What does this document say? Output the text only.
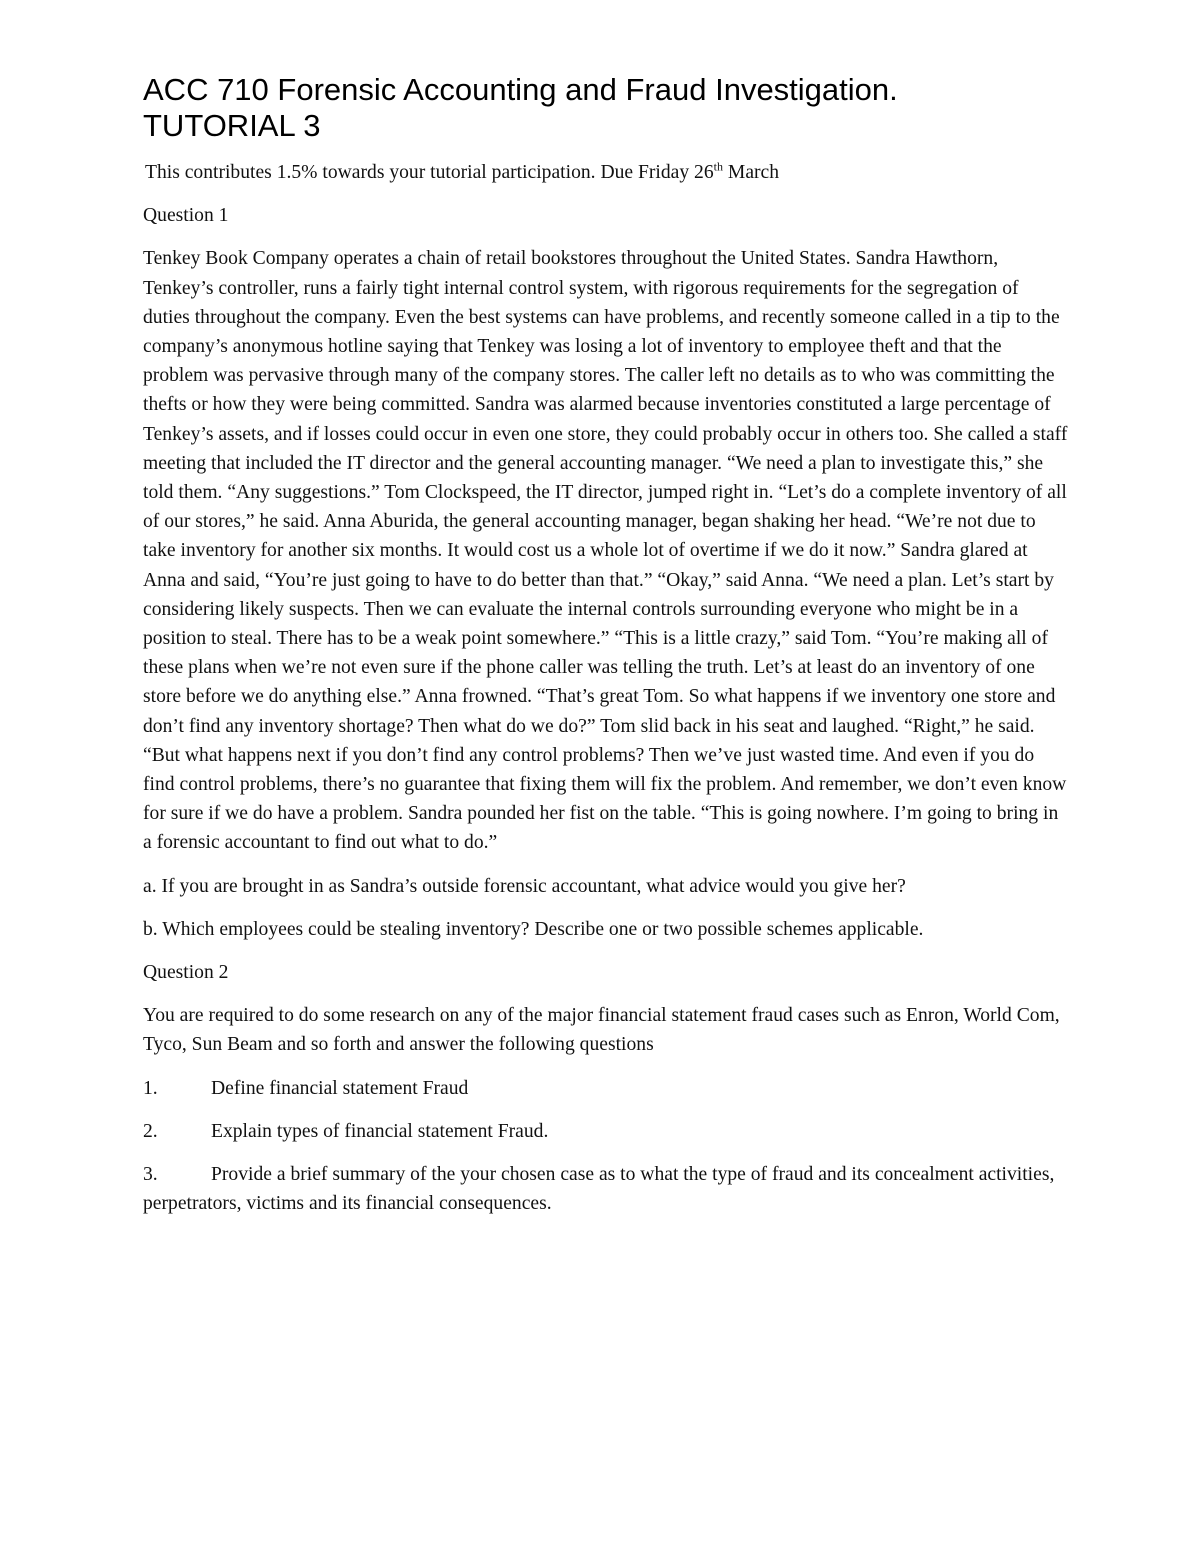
ACC 710 Forensic Accounting and Fraud Investigation.
TUTORIAL 3

This contributes 1.5% towards your tutorial participation. Due Friday 26th March

Question 1

Tenkey Book Company operates a chain of retail bookstores throughout the United States. Sandra Hawthorn, Tenkey’s controller, runs a fairly tight internal control system, with rigorous requirements for the segregation of duties throughout the company. Even the best systems can have problems, and recently someone called in a tip to the company’s anonymous hotline saying that Tenkey was losing a lot of inventory to employee theft and that the problem was pervasive through many of the company stores. The caller left no details as to who was committing the thefts or how they were being committed. Sandra was alarmed because inventories constituted a large percentage of Tenkey’s assets, and if losses could occur in even one store, they could probably occur in others too. She called a staff meeting that included the IT director and the general accounting manager. “We need a plan to investigate this,” she told them. “Any suggestions.” Tom Clockspeed, the IT director, jumped right in. “Let’s do a complete inventory of all of our stores,” he said. Anna Aburida, the general accounting manager, began shaking her head. “We’re not due to take inventory for another six months. It would cost us a whole lot of overtime if we do it now.” Sandra glared at Anna and said, “You’re just going to have to do better than that.” “Okay,” said Anna. “We need a plan. Let’s start by considering likely suspects. Then we can evaluate the internal controls surrounding everyone who might be in a position to steal. There has to be a weak point somewhere.” “This is a little crazy,” said Tom. “You’re making all of these plans when we’re not even sure if the phone caller was telling the truth. Let’s at least do an inventory of one store before we do anything else.” Anna frowned. “That’s great Tom. So what happens if we inventory one store and don’t find any inventory shortage? Then what do we do?” Tom slid back in his seat and laughed. “Right,” he said. “But what happens next if you don’t find any control problems? Then we’ve just wasted time. And even if you do find control problems, there’s no guarantee that fixing them will fix the problem. And remember, we don’t even know for sure if we do have a problem. Sandra pounded her fist on the table. “This is going nowhere. I’m going to bring in a forensic accountant to find out what to do.”

a. If you are brought in as Sandra’s outside forensic accountant, what advice would you give her?

b. Which employees could be stealing inventory? Describe one or two possible schemes applicable.

Question 2

You are required to do some research on any of the major financial statement fraud cases such as Enron, World Com, Tyco, Sun Beam and so forth and answer the following questions

1.	Define financial statement Fraud

2.	Explain types of financial statement Fraud.

3.	Provide a brief summary of the your chosen case as to what the type of fraud and its concealment activities, perpetrators, victims and its financial consequences.
